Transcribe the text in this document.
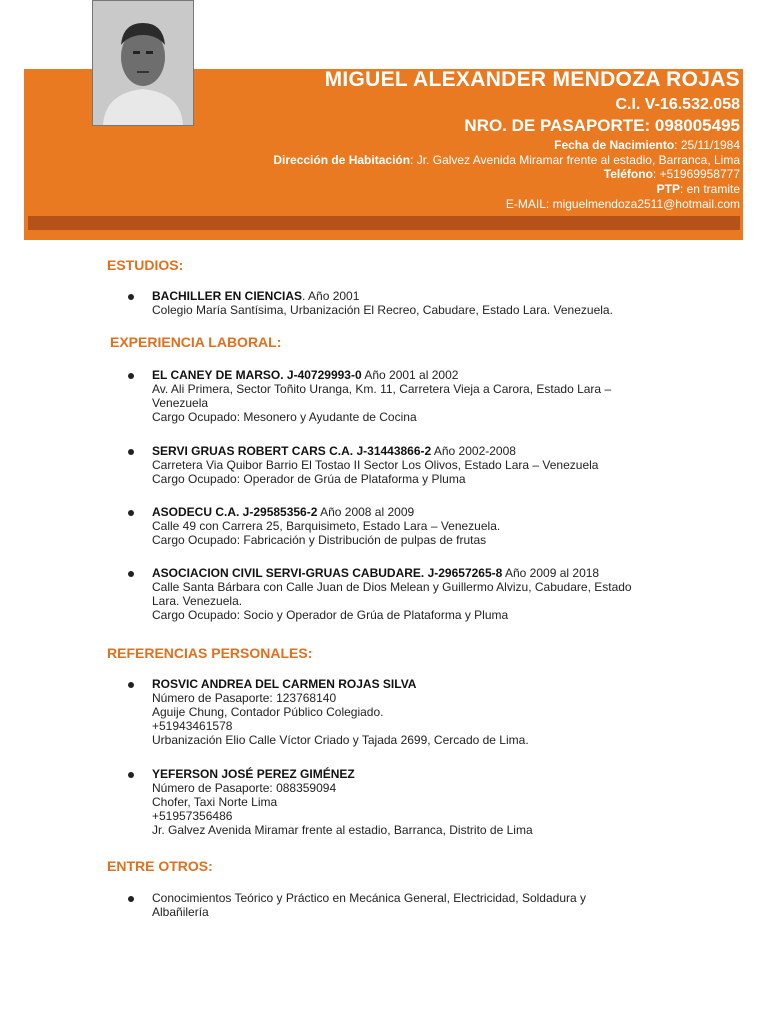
MIGUEL ALEXANDER MENDOZA ROJAS
C.I. V-16.532.058
NRO. DE PASAPORTE: 098005495
Fecha de Nacimiento: 25/11/1984
Dirección de Habitación: Jr. Galvez Avenida Miramar frente al estadio, Barranca, Lima
Teléfono: +51969958777
PTP: en tramite
E-MAIL: miguelmendoza2511@hotmail.com
ESTUDIOS:
BACHILLER EN CIENCIAS. Año 2001
Colegio María Santísima, Urbanización El Recreo, Cabudare, Estado Lara. Venezuela.
EXPERIENCIA LABORAL:
EL CANEY DE MARSO. J-40729993-0 Año 2001 al 2002
Av. Ali Primera, Sector Toñito Uranga, Km. 11, Carretera Vieja a Carora, Estado Lara –
Venezuela
Cargo Ocupado: Mesonero y Ayudante de Cocina
SERVI GRUAS ROBERT CARS C.A. J-31443866-2 Año 2002-2008
Carretera Via Quibor Barrio El Tostao II Sector Los Olivos, Estado Lara – Venezuela
Cargo Ocupado: Operador de Grúa de Plataforma y Pluma
ASODECU C.A. J-29585356-2 Año 2008 al 2009
Calle 49 con Carrera 25, Barquisimeto, Estado Lara – Venezuela.
Cargo Ocupado: Fabricación y Distribución de pulpas de frutas
ASOCIACION CIVIL SERVI-GRUAS CABUDARE. J-29657265-8 Año 2009 al 2018
Calle Santa Bárbara con Calle Juan de Dios Melean y Guillermo Alvizu, Cabudare, Estado
Lara. Venezuela.
Cargo Ocupado: Socio y Operador de Grúa de Plataforma y Pluma
REFERENCIAS PERSONALES:
ROSVIC ANDREA DEL CARMEN ROJAS SILVA
Número de Pasaporte: 123768140
Aguije Chung, Contador Público Colegiado.
+51943461578
Urbanización Elio Calle Víctor Criado y Tajada 2699, Cercado de Lima.
YEFERSON JOSÉ PEREZ GIMÉNEZ
Número de Pasaporte: 088359094
Chofer, Taxi Norte Lima
+51957356486
Jr. Galvez Avenida Miramar frente al estadio, Barranca, Distrito de Lima
ENTRE OTROS:
Conocimientos Teórico y Práctico en Mecánica General, Electricidad, Soldadura y
Albañilería
